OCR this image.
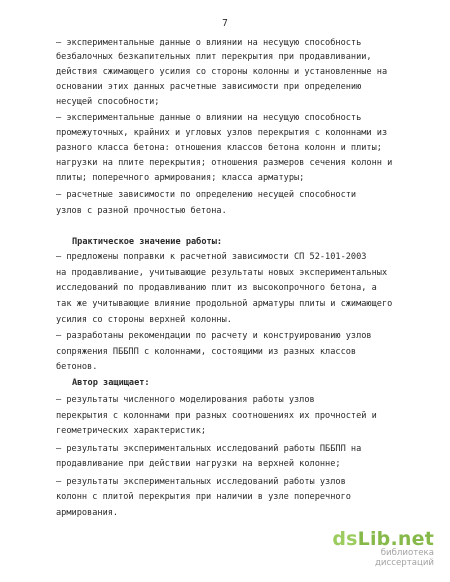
7
– экспериментальные данные о влиянии на несущую способность
безбалочных безкапительных плит перекрытия при продавливании,
действия сжимающего усилия со стороны колонны и установленные на
основании этих данных расчетные зависимости при определению
несущей способности;
– экспериментальные данные о влиянии на несущую способность
промежуточных, крайних и угловых узлов перекрытия с колоннами из
разного класса бетона: отношения классов бетона колонн и плиты;
нагрузки на плите перекрытия; отношения размеров сечения колонн и
плиты; поперечного армирования; класса арматуры;
– расчетные зависимости по определению несущей способности
узлов с разной прочностью бетона.
Практическое значение работы:
– предложены поправки к расчетной зависимости СП 52-101-2003
на продавливание, учитывающие результаты новых экспериментальных
исследований по продавливанию плит из высокопрочного бетона, а
так же учитывающие влияние продольной арматуры плиты и сжимающего
усилия со стороны верхней колонны.
– разработаны рекомендации по расчету и конструированию узлов
сопряжения ПББПП с колоннами, состоящими из разных классов
бетонов.
Автор защищает:
– результаты численного моделирования работы узлов
перекрытия с колоннами при разных соотношениях их прочностей и
геометрических характеристик;
– результаты экспериментальных исследований работы ПББПП на
продавливание при действии нагрузки на верхней колонне;
– результаты экспериментальных исследований работы узлов
колонн с плитой перекрытия при наличии в узле поперечного
армирования.
dsLib.net
библиотека диссертаций
